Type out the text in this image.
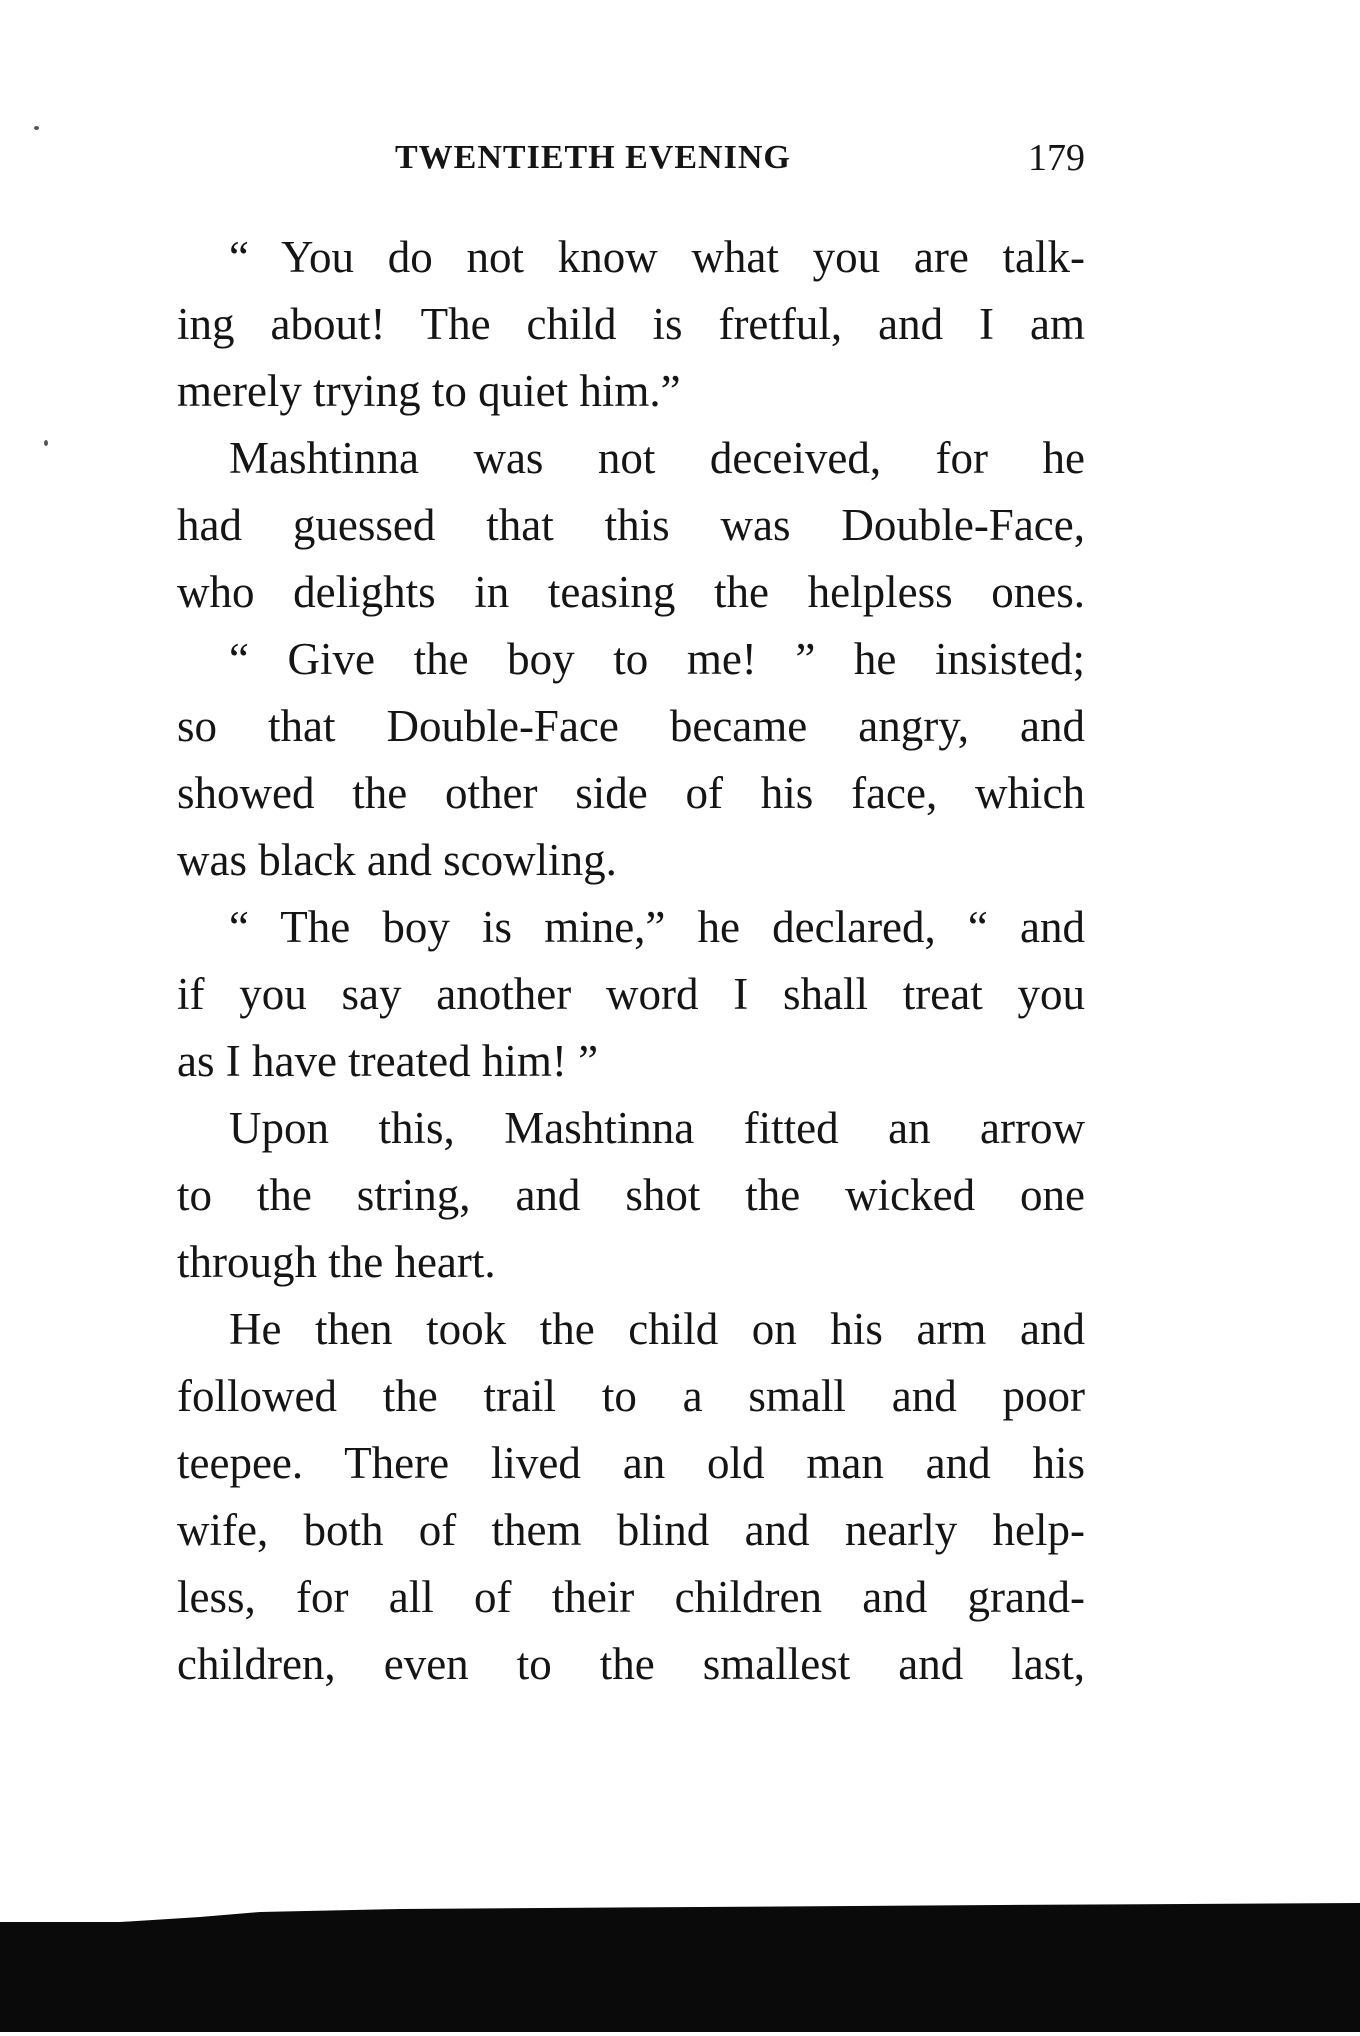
TWENTIETH EVENING	179
“ You do not know what you are talk-
ing about! The child is fretful, and I am
merely trying to quiet him.”
Mashtinna was not deceived, for he
had guessed that this was Double-Face,
who delights in teasing the helpless ones.
“ Give the boy to me! ” he insisted;
so that Double-Face became angry, and
showed the other side of his face, which
was black and scowling.
“ The boy is mine,” he declared, “ and
if you say another word I shall treat you
as I have treated him! ”
Upon this, Mashtinna fitted an arrow
to the string, and shot the wicked one
through the heart.
He then took the child on his arm and
followed the trail to a small and poor
teepee. There lived an old man and his
wife, both of them blind and nearly help-
less, for all of their children and grand-
children, even to the smallest and last,
